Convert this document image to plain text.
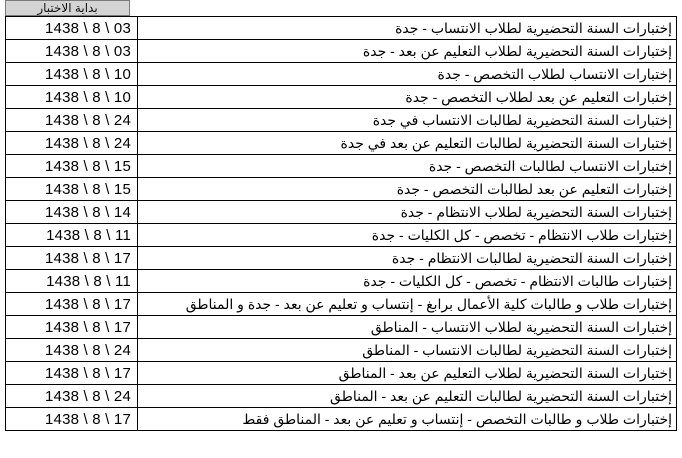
بداية الاختبار
1438 \ 8 \ 03	إختبارات السنة التحضيرية لطلاب الانتساب - جدة
1438 \ 8 \ 03	إختبارات السنة التحضيرية لطلاب التعليم عن بعد - جدة
1438 \ 8 \ 10	إختبارات الانتساب لطلاب التخصص - جدة
1438 \ 8 \ 10	إختبارات التعليم عن بعد لطلاب التخصص - جدة
1438 \ 8 \ 24	إختبارات السنة التحضيرية لطالبات الانتساب في جدة
1438 \ 8 \ 24	إختبارات السنة التحضيرية لطالبات التعليم عن بعد في جدة
1438 \ 8 \ 15	إختبارات الانتساب لطالبات التخصص - جدة
1438 \ 8 \ 15	إختبارات التعليم عن بعد لطالبات التخصص - جدة
1438 \ 8 \ 14	إختبارات السنة التحضيرية لطلاب الانتظام - جدة
1438 \ 8 \ 11	إختبارات طلاب الانتظام - تخصص - كل الكليات - جدة
1438 \ 8 \ 17	إختبارات السنة التحضيرية لطالبات الانتظام - جدة
1438 \ 8 \ 11	إختبارات طالبات الانتظام - تخصص - كل الكليات - جدة
1438 \ 8 \ 17	إختبارات طلاب و طالبات كلية الأعمال برابغ - إنتساب و تعليم عن بعد - جدة و المناطق
1438 \ 8 \ 17	إختبارات السنة التحضيرية لطلاب الانتساب - المناطق
1438 \ 8 \ 24	إختبارات السنة التحضيرية لطالبات الانتساب - المناطق
1438 \ 8 \ 17	إختبارات السنة التحضيرية لطلاب التعليم عن بعد - المناطق
1438 \ 8 \ 24	إختبارات السنة التحضيرية لطالبات التعليم عن بعد - المناطق
1438 \ 8 \ 17	إختبارات طلاب و طالبات التخصص - إنتساب و تعليم عن بعد - المناطق فقط
